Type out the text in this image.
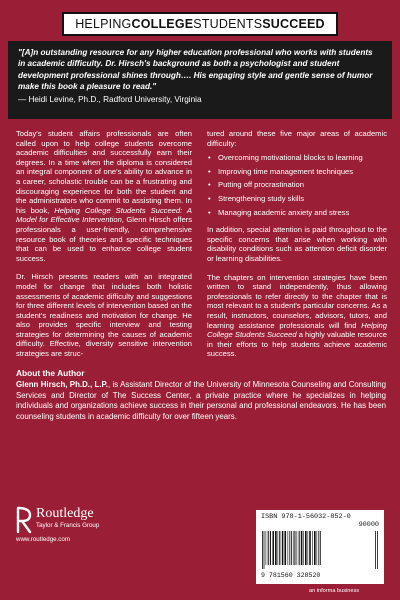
HELPING COLLEGE STUDENTS SUCCEED
"[A]n outstanding resource for any higher education professional who works with students in academic difficulty. Dr. Hirsch's background as both a psychologist and student development professional shines through…. His engaging style and gentle sense of humor make this book a pleasure to read."
— Heidi Levine, Ph.D., Radford University, Virginia

Today's student affairs professionals are often called upon to help college students overcome academic difficulties and successfully earn their degrees. In a time when the diploma is considered an integral component of one's ability to advance in a career, scholastic trouble can be a frustrating and discouraging experience for both the student and the administrators who commit to assisting them. In his book, Helping College Students Succeed: A Model for Effective Intervention, Glenn Hirsch offers professionals a user-friendly, comprehensive resource book of theories and specific techniques that can be used to enhance college student success.

Dr. Hirsch presents readers with an integrated model for change that includes both holistic assessments of academic difficulty and suggestions for three different levels of intervention based on the student's readiness and motivation for change. He also provides specific interview and testing strategies for determining the causes of academic difficulty. Effective, diversity sensitive intervention strategies are struc-

tured around these five major areas of academic difficulty:

• Overcoming motivational blocks to learning
• Improving time management techniques
• Putting off procrastination
• Strengthening study skills
• Managing academic anxiety and stress

In addition, special attention is paid throughout to the specific concerns that arise when working with disability conditions such as attention deficit disorder or learning disabilities.

The chapters on intervention strategies have been written to stand independently, thus allowing professionals to refer directly to the chapter that is most relevant to a student's particular concerns. As a result, instructors, counselors, advisors, tutors, and learning assistance professionals will find Helping College Students Succeed a highly valuable resource in their efforts to help students achieve academic success.

About the Author
Glenn Hirsch, Ph.D., L.P., is Assistant Director of the University of Minnesota Counseling and Consulting Services and Director of The Success Center, a private practice where he specializes in helping individuals and organizations achieve success in their personal and professional endeavors. He has been counseling students in academic difficulty for over fifteen years.
Routledge
Taylor & Francis Group
www.routledge.com
ISBN 978-1-56032-852-0
90000
9 781560 328520
an informa business
